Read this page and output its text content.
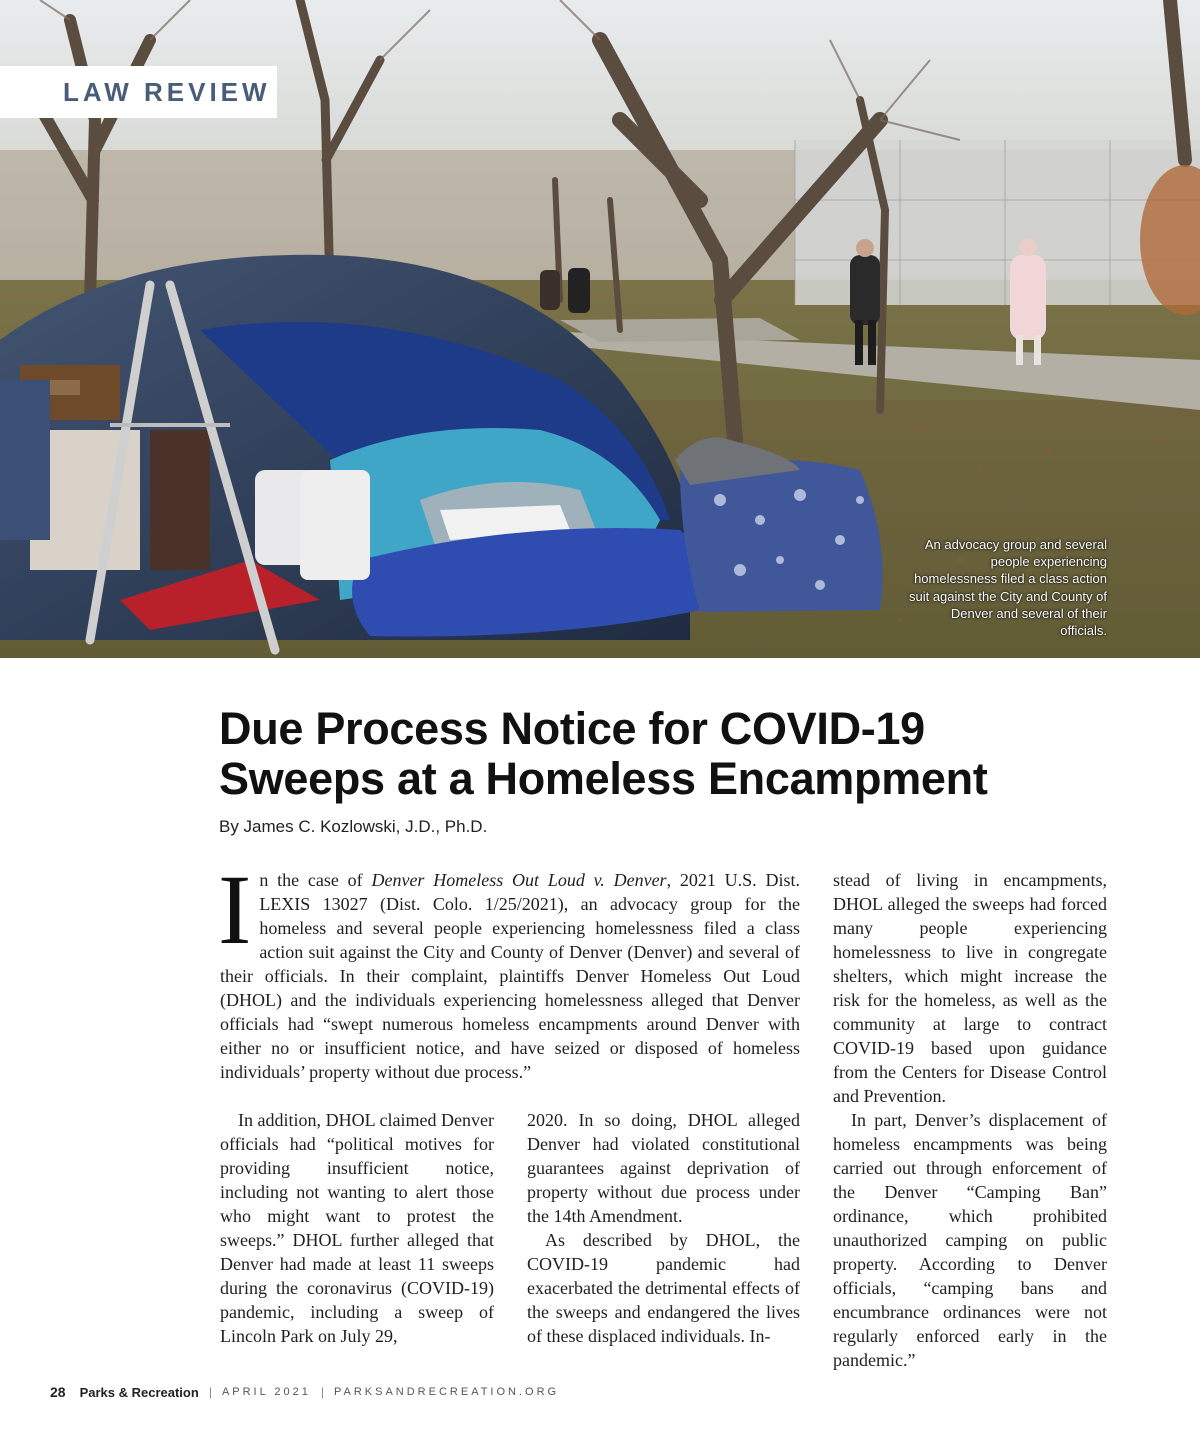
LAW REVIEW
An advocacy group and several people experiencing homelessness filed a class action suit against the City and County of Denver and several of their officials.
Due Process Notice for COVID-19
Sweeps at a Homeless Encampment
By James C. Kozlowski, J.D., Ph.D.

In the case of Denver Homeless Out Loud v. Denver, 2021 U.S. Dist. LEXIS 13027 (Dist. Colo. 1/25/2021), an advocacy group for the homeless and several people experiencing homelessness filed a class action suit against the City and County of Denver (Denver) and several of their officials. In their complaint, plaintiffs Denver Homeless Out Loud (DHOL) and the individuals experiencing homelessness alleged that Denver officials had “swept numerous homeless encampments around Denver with either no or insufficient notice, and have seized or disposed of homeless individuals’ property without due process.”

In addition, DHOL claimed Denver officials had “political motives for providing insufficient notice, including not wanting to alert those who might want to protest the sweeps.” DHOL further alleged that Denver had made at least 11 sweeps during the coronavirus (COVID-19) pandemic, including a sweep of Lincoln Park on July 29,

2020. In so doing, DHOL alleged Denver had violated constitutional guarantees against deprivation of property without due process under the 14th Amendment.

As described by DHOL, the COVID-19 pandemic had exacerbated the detrimental effects of the sweeps and endangered the lives of these displaced individuals. In-

stead of living in encampments, DHOL alleged the sweeps had forced many people experiencing homelessness to live in congregate shelters, which might increase the risk for the homeless, as well as the community at large to contract COVID-19 based upon guidance from the Centers for Disease Control and Prevention.

In part, Denver’s displacement of homeless encampments was being carried out through enforcement of the Denver “Camping Ban” ordinance, which prohibited unauthorized camping on public property. According to Denver officials, “camping bans and encumbrance ordinances were not regularly enforced early in the pandemic.”

28 Parks & Recreation | APRIL 2021 | PARKSANDRECREATION.ORG
